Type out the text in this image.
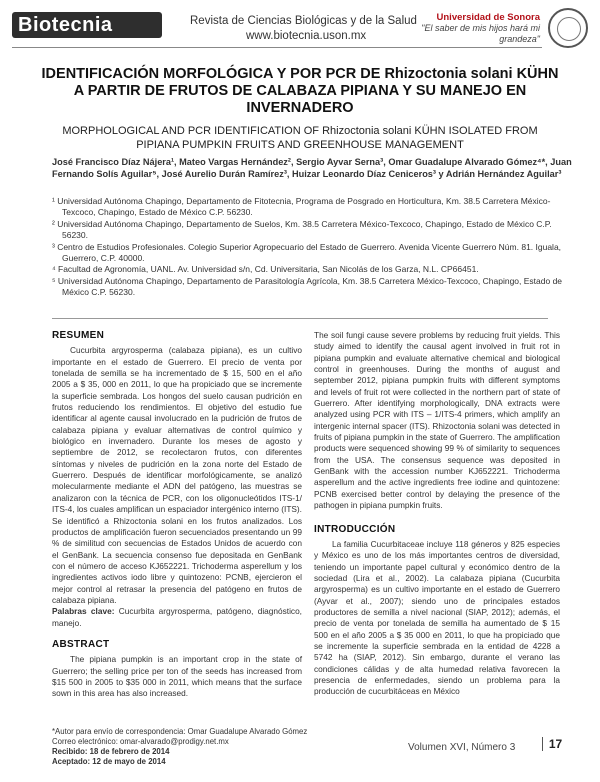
Biotecnia	Revista de Ciencias Biológicas y de la Salud
www.biotecnia.uson.mx
Universidad de Sonora
"El saber de mis hijos hará mi grandeza"
IDENTIFICACIÓN MORFOLÓGICA Y POR PCR DE Rhizoctonia solani KÜHN A PARTIR DE FRUTOS DE CALABAZA PIPIANA Y SU MANEJO EN INVERNADERO
MORPHOLOGICAL AND PCR IDENTIFICATION OF Rhizoctonia solani KÜHN ISOLATED FROM PIPIANA PUMPKIN FRUITS AND GREENHOUSE MANAGEMENT
José Francisco Díaz Nájera¹, Mateo Vargas Hernández², Sergio Ayvar Serna³, Omar Guadalupe Alvarado Gómez⁴*, Juan Fernando Solís Aguilar⁵, José Aurelio Durán Ramírez³, Huizar Leonardo Díaz Ceniceros³ y Adrián Hernández Aguilar³
¹ Universidad Autónoma Chapingo, Departamento de Fitotecnia, Programa de Posgrado en Horticultura, Km. 38.5 Carretera México-Texcoco, Chapingo, Estado de México C.P. 56230.
² Universidad Autónoma Chapingo, Departamento de Suelos, Km. 38.5 Carretera México-Texcoco, Chapingo, Estado de México C.P. 56230.
³ Centro de Estudios Profesionales. Colegio Superior Agropecuario del Estado de Guerrero. Avenida Vicente Guerrero Núm. 81. Iguala, Guerrero, C.P. 40000.
⁴ Facultad de Agronomía, UANL. Av. Universidad s/n, Cd. Universitaria, San Nicolás de los Garza, N.L. CP66451.
⁵ Universidad Autónoma Chapingo, Departamento de Parasitología Agrícola, Km. 38.5 Carretera México-Texcoco, Chapingo, Estado de México C.P. 56230.
RESUMEN
Cucurbita argyrosperma (calabaza pipiana), es un cultivo importante en el estado de Guerrero. El precio de venta por tonelada de semilla se ha incrementado de $ 15, 500 en el año 2005 a $ 35, 000 en 2011, lo que ha propiciado que se incremente la superficie sembrada. Los hongos del suelo causan pudrición en frutos reduciendo los rendimientos. El objetivo del estudio fue identificar al agente causal involucrado en la pudrición de frutos de calabaza pipiana y evaluar alternativas de control químico y biológico en invernadero. Durante los meses de agosto y septiembre de 2012, se recolectaron frutos, con diferentes síntomas y niveles de pudrición en la zona norte del Estado de Guerrero. Después de identificar morfológicamente, se analizó molecularmente mediante el ADN del patógeno, las muestras se analizaron con la técnica de PCR, con los oligonucleótidos ITS-1/ ITS-4, los cuales amplifican un espaciador intergénico interno (ITS). Se identificó a Rhizoctonia solani en los frutos analizados. Los productos de amplificación fueron secuenciados presentando un 99 % de similitud con secuencias de Estados Unidos de acuerdo con el GenBank. La secuencia consenso fue depositada en GenBank con el número de acceso KJ652221. Trichoderma asperellum y los ingredientes activos iodo libre y quintozeno: PCNB, ejercieron el mejor control al retrasar la presencia del patógeno en frutos de calabaza pipiana.
Palabras clave: Cucurbita argyrosperma, patógeno, diagnóstico, manejo.
ABSTRACT
The pipiana pumpkin is an important crop in the state of Guerrero; the selling price per ton of the seeds has increased from $15 500 in 2005 to $35 000 in 2011, which means that the surface sown in this area has also increased.
The soil fungi cause severe problems by reducing fruit yields. This study aimed to identify the causal agent involved in fruit rot in pipiana pumpkin and evaluate alternative chemical and biological control in greenhouses. During the months of august and september 2012, pipiana pumpkin fruits with different symptoms and levels of fruit rot were collected in the northern part of state of Guerrero. After identifying morphologically, DNA extracts were analyzed using PCR with ITS – 1/ITS-4 primers, which amplify an intergenic internal spacer (ITS). Rhizoctonia solani was detected in fruits of pipiana pumpkin in the state of Guerrero. The amplification products were sequenced showing 99 % of similarity to sequences from the USA. The consensus sequence was deposited in GenBank with the accession number KJ652221. Trichoderma asperellum and the active ingredients free iodine and quintozene: PCNB exercised better control by delaying the presence of the pathogen in pipiana pumpkin fruits.
INTRODUCCIÓN
La familia Cucurbitaceae incluye 118 géneros y 825 especies y México es uno de los más importantes centros de diversidad, teniendo un importante papel cultural y económico dentro de la sociedad (Lira et al., 2002). La calabaza pipiana (Cucurbita argyrosperma) es un cultivo importante en el estado de Guerrero (Ayvar et al., 2007); siendo uno de principales estados productores de semilla a nivel nacional (SIAP, 2012); además, el precio de venta por tonelada de semilla ha aumentado de $ 15 500 en el año 2005 a $ 35 000 en 2011, lo que ha propiciado que se incremente la superficie sembrada en la entidad de 4228 a 5742 ha (SIAP, 2012). Sin embargo, durante el verano las condiciones cálidas y de alta humedad relativa favorecen la presencia de enfermedades, siendo un problema para la producción de cucurbitáceas en México
*Autor para envío de correspondencia: Omar Guadalupe Alvarado Gómez
Correo electrónico: omar-alvarado@prodigy.net.mx
Recibido: 18 de febrero de 2014
Aceptado: 12 de mayo de 2014
Volumen XVI, Número 3	17
